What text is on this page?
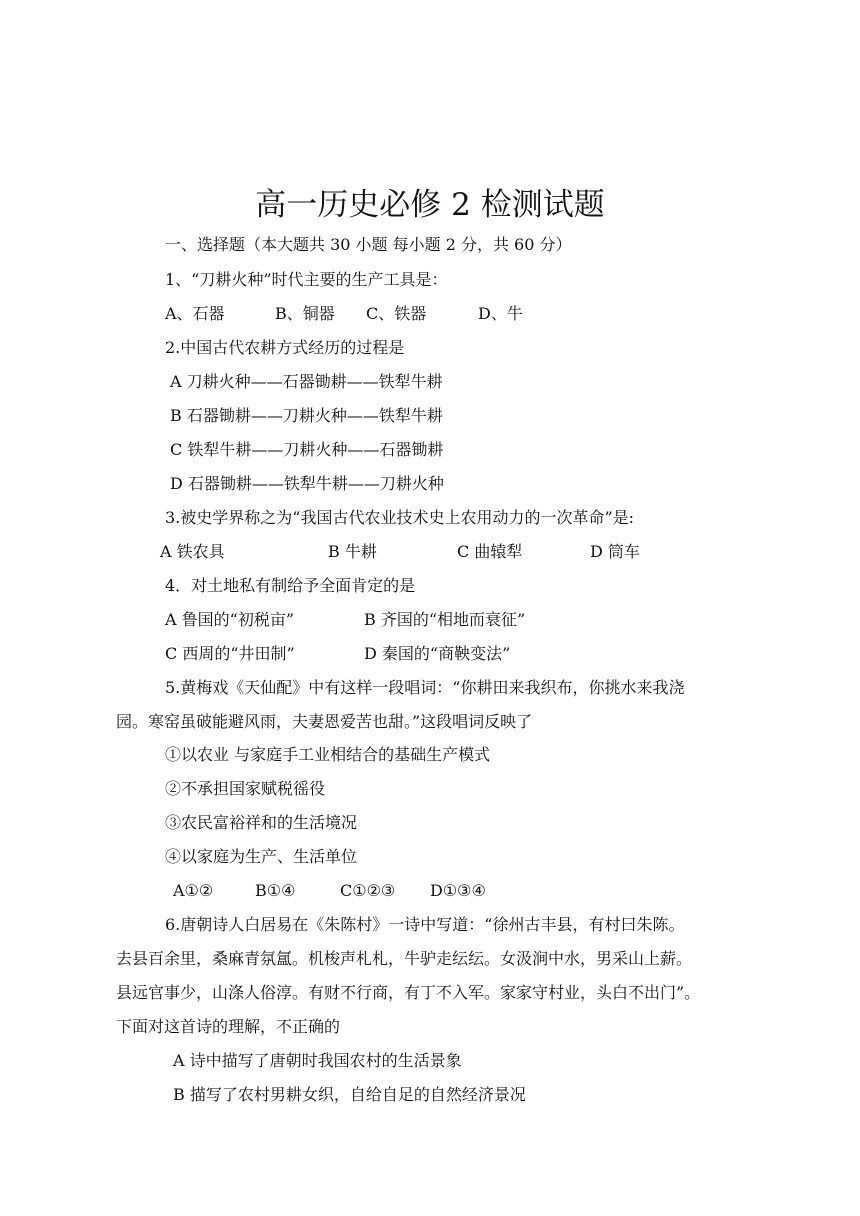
高一历史必修 2 检测试题
一、选择题（本大题共 30 小题 每小题 2 分，共 60 分）
1、“刀耕火种”时代主要的生产工具是：
A、石器	B、铜器 C、铁器	D、牛
2.中国古代农耕方式经历的过程是
A 刀耕火种——石器锄耕——铁犁牛耕
B 石器锄耕——刀耕火种——铁犁牛耕
C 铁犁牛耕——刀耕火种——石器锄耕
D 石器锄耕——铁犁牛耕——刀耕火种
3.被史学界称之为“我国古代农业技术史上农用动力的一次革命”是:
A 铁农具	B 牛耕	C 曲辕犁	D 筒车
4．对土地私有制给予全面肯定的是
A 鲁国的“初税亩”	B 齐国的“相地而衰征”
C 西周的“井田制”	D 秦国的“商鞅变法”
5.黄梅戏《天仙配》中有这样一段唱词：“你耕田来我织布，你挑水来我浇
园。寒窑虽破能避风雨，夫妻恩爱苦也甜。”这段唱词反映了
①以农业 与家庭手工业相结合的基础生产模式
②不承担国家赋税徭役
③农民富裕祥和的生活境况
④以家庭为生产、生活单位
A①②	B①④	C①②③ D①③④
6.唐朝诗人白居易在《朱陈村》一诗中写道：“徐州古丰县，有村曰朱陈。
去县百余里，桑麻青氛氲。机梭声札札，牛驴走纭纭。女汲涧中水，男采山上薪。
县远官事少，山涤人俗淳。有财不行商，有丁不入军。家家守村业，头白不出门”。
下面对这首诗的理解，不正确的
A 诗中描写了唐朝时我国农村的生活景象
B 描写了农村男耕女织，自给自足的自然经济景况
